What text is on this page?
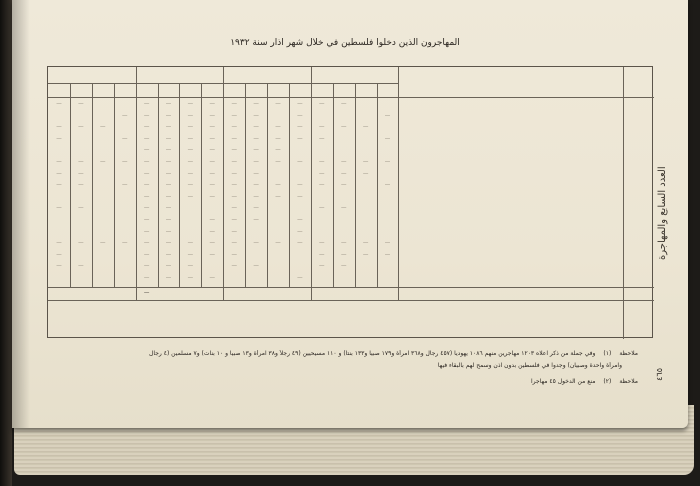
المهاجرون الذين دخلوا فلسطين في خلال شهر اذار سنة ١٩٣٢
—
—
—
—
—
—
—
—
—
—
—
—
—
—
—
—
—
—
—
—
—
—
—
—
—
—
—
—
—
—
—
—
—
—
—
—
—
—
—
—
—
—
—
—
—
—
—
—
—
—
—
—
—
—
—
—
—
—
—
—
—
—
—
—
—
—
—
—
—
—
—
—
—
—
—
—
—
—
—
—
—
—
—
—
—
—
—
—
—
—
—
—
—
—
—
—
—
—
—
—
—
—
—
—
—
—
—
—
—
—
—
—
—
—
—
—
—
—
—
—
—
—
—
—
—
—
—
—
—
—
—
—
—
—
—
—
—
—
—
—
—
—
—
—
—
—
—
—
—
—
—
—
—
—
—
—
—
—
—
—
—
—
—
العدد السابع والمهاجرة
٤٦٥
ملاحظة(١)وفي جملة من ذكر اعلاه ١٢٠٣ مهاجرين منهم ١٠٨٦ يهودياً (٤٥٧ رجال و٣٦٨ امرأة و١٧٩ صبيا و١٣٣ بنتاً) و ١١٠ مسيحيين (٤٩ رجلاً و٣٨ امرأة و١٣ صبياً و ١٠ بنات) و٧ مسلمين (٤ رجال
وامرأة واحدة وصبيان) وجدوا في فلسطين بدون اذن وسمح لهم بالبقاء فيها
ملاحظة(٢)منع من الدخول ٤٥ مهاجراً
